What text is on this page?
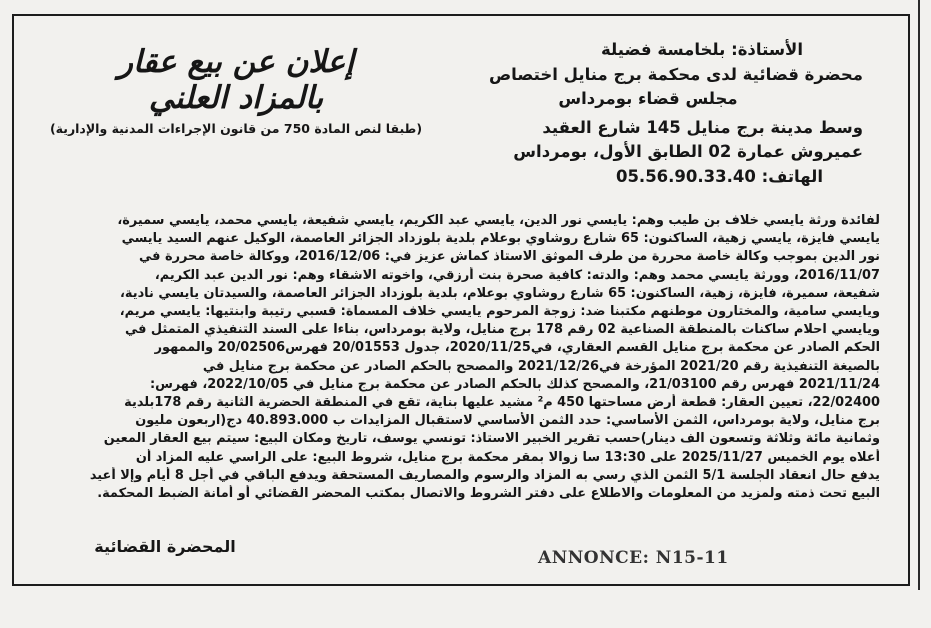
إعلان عن بيع عقار
بالمزاد العلني
(طبقا لنص المادة 750 من قانون الإجراءات المدنية والإدارية)
الأستاذة: بلخامسة فضيلة
محضرة قضائية لدى محكمة برج منايل اختصاص
مجلس قضاء بومرداس
وسط مدينة برج منايل 145 شارع العقيد
عميروش عمارة 02 الطابق الأول، بومرداس
الهاتف: 05.56.90.33.40
لفائدة ورثة يايسي خلاف بن طيب وهم: يايسي نور الدين، يايسي عبد الكريم، يايسي شفيعة، يايسي محمد، يايسي سميرة،
يايسي فايزة، يايسي زهية، الساكنون: 65 شارع روشاوي بوعلام بلدية بلوزداد الجزائر العاصمة، الوكيل عنهم السيد يايسي
نور الدين بموجب وكالة خاصة محررة من طرف الموثق الاستاذ كماش عزيز في: 2016/12/06، ووكالة خاصة محررة في
2016/11/07، وورثة يايسي محمد وهم: والدته: كافية صحرة بنت أرزقي، واخوته الاشقاء وهم: نور الدين عبد الكريم،
شفيعة، سميرة، فايزة، زهية، الساكنون: 65 شارع روشاوي بوعلام، بلدية بلوزداد الجزائر العاصمة، والسيدتان يايسي نادية،
ويايسي سامية، والمختارون موطنهم مكتبنا ضد: زوجة المرحوم يايسي خلاف المسماة: قسبي رتيبة وابنتيها: يايسي مريم،
ويايسي احلام ساكنات بالمنطقة الصناعية 02 رقم 178 برج منايل، ولاية بومرداس، بناءا على السند التنفيذي المتمثل في
الحكم الصادر عن محكمة برج منايل القسم العقاري، في2020/11/25، جدول 20/01553 فهرس20/02506 والممهور
بالصيغة التنفيذية رقم 2021/20 المؤرخة في2021/12/26 والمصحح بالحكم الصادر عن محكمة برج منايل في
2021/11/24 فهرس رقم 21/03100، والمصحح كذلك بالحكم الصادر عن محكمة برج منايل في 2022/10/05، فهرس:
22/02400، تعيين العقار: قطعة أرض مساحتها 450 م² مشيد عليها بناية، تقع في المنطقة الحضرية الثانية رقم 178بلدية
برج منايل، ولاية بومرداس، الثمن الأساسي: حدد الثمن الأساسي لاستقبال المزايدات ب 40.893.000 دج(اربعون مليون
وثمانية مائة وثلاثة وتسعون الف دينار)حسب تقرير الخبير الاستاذ: تونسي يوسف، تاريخ ومكان البيع: سيتم بيع العقار المعين
أعلاه يوم الخميس 2025/11/27 على 13:30 سا زوالا بمقر محكمة برج منايل، شروط البيع: على الراسي عليه المزاد أن
يدفع حال انعقاد الجلسة 5/1 الثمن الذي رسي به المزاد والرسوم والمصاريف المستحقة ويدفع الباقي في أجل 8 أيام وإلا أعيد
البيع تحت ذمته ولمزيد من المعلومات والاطلاع على دفتر الشروط والاتصال بمكتب المحضر القضائي أو أمانة الضبط المحكمة.
المحضرة القضائية
ANNONCE: N15-11
